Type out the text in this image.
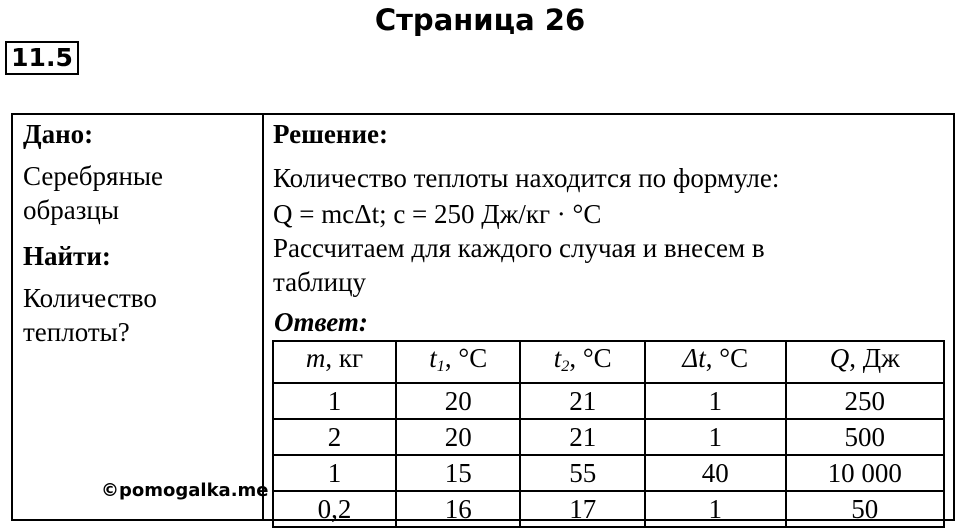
Страница 26
11.5
Дано:
Серебряные
образцы
Найти:
Количество
теплоты?
©pomogalka.me
Решение:
Количество теплоты находится по формуле:
Q = mcΔt; c = 250 Дж/кг · °C
Рассчитаем для каждого случая и внесем в
таблицу
Ответ:
m, кг	$t_1$, °C	$t_2$, °C	Δt, °C	Q, Дж
1	20	21	1	250
2	20	21	1	500
1	15	55	40	10 000
0,2	16	17	1	50
